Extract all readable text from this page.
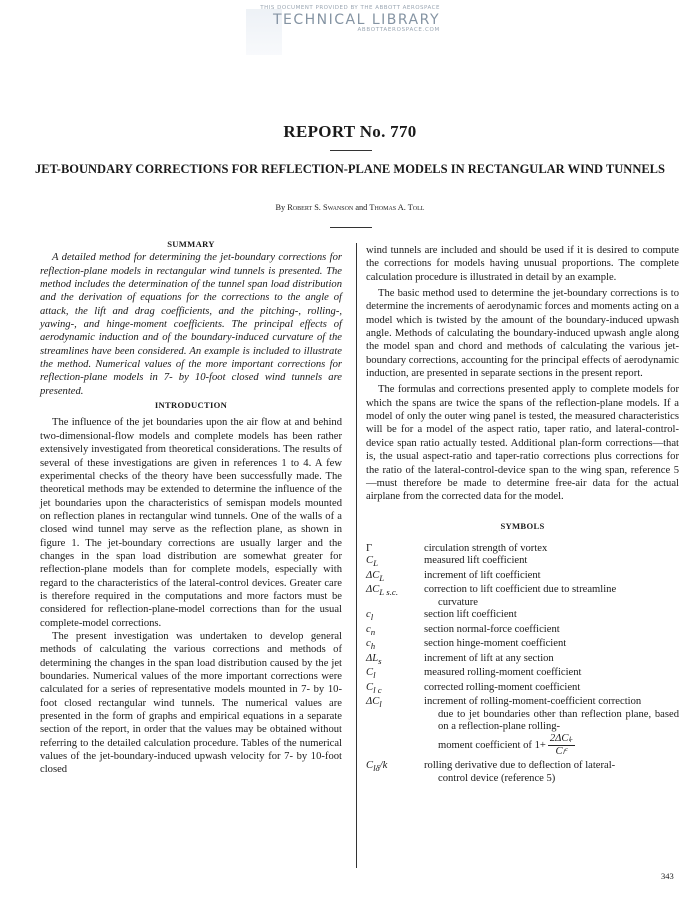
THIS DOCUMENT PROVIDED BY THE ABBOTT AEROSPACE
TECHNICAL LIBRARY
ABBOTTAEROSPACE.COM
REPORT No. 770
JET-BOUNDARY CORRECTIONS FOR REFLECTION-PLANE MODELS IN RECTANGULAR WIND TUNNELS
By Robert S. Swanson and Thomas A. Toll
SUMMARY

A detailed method for determining the jet-boundary corrections for reflection-plane models in rectangular wind tunnels is presented. The method includes the determination of the tunnel span load distribution and the derivation of equations for the corrections to the angle of attack, the lift and drag coefficients, and the pitching-, rolling-, yawing-, and hinge-moment coefficients. The principal effects of aerodynamic induction and of the boundary-induced curvature of the streamlines have been considered. An example is included to illustrate the method. Numerical values of the more important corrections for reflection-plane models in 7- by 10-foot closed wind tunnels are presented.

INTRODUCTION

The influence of the jet boundaries upon the air flow at and behind two-dimensional-flow models and complete models has been rather extensively investigated from theoretical considerations. The results of several of these investigations are given in references 1 to 4. A few experimental checks of the theory have been successfully made. The theoretical methods may be extended to determine the influence of the jet boundaries upon the characteristics of semispan models mounted on reflection planes in rectangular wind tunnels. One of the walls of a closed wind tunnel may serve as the reflection plane, as shown in figure 1. The jet-boundary corrections are usually larger and the changes in the span load distribution are somewhat greater for reflection-plane models than for complete models, especially with regard to the characteristics of the lateral-control devices. Greater care is therefore required in the computations and more factors must be considered for reflection-plane-model corrections than for the usual complete-model corrections.

The present investigation was undertaken to develop general methods of calculating the various corrections and methods of determining the changes in the span load distribution caused by the jet boundaries. Numerical values of the more important corrections were calculated for a series of representative models mounted in 7- by 10-foot closed rectangular wind tunnels. The numerical values are presented in the form of graphs and empirical equations in a separate section of the report, in order that the values may be obtained without referring to the detailed calculation procedure. Tables of the numerical values of the jet-boundary-induced upwash velocity for 7- by 10-foot closed

wind tunnels are included and should be used if it is desired to compute the corrections for models having unusual proportions. The complete calculation procedure is illustrated in detail by an example.

The basic method used to determine the jet-boundary corrections is to determine the increments of aerodynamic forces and moments acting on a model which is twisted by the amount of the boundary-induced upwash angle. Methods of calculating the boundary-induced upwash angle along the model span and chord and methods of calculating the various jet-boundary corrections, accounting for the principal effects of aerodynamic induction, are presented in separate sections in the present report.

The formulas and corrections presented apply to complete models for which the spans are twice the spans of the reflection-plane models. If a model of only the outer wing panel is tested, the measured characteristics will be for a model of the aspect ratio, taper ratio, and lateral-control-device span ratio actually tested. Additional plan-form corrections—that is, the usual aspect-ratio and taper-ratio corrections plus corrections for the ratio of the lateral-control-device span to the wing span, reference 5—must therefore be made to determine free-air data for the actual airplane from the corrected data for the model.

SYMBOLS
Γ	circulation strength of vortex
$C_L$	measured lift coefficient
$\Delta C_L$	increment of lift coefficient
$\Delta C_{L s.c.}$	correction to lift coefficient due to streamline
curvature
$c_l$	section lift coefficient
$c_n$	section normal-force coefficient
$c_h$	section hinge-moment coefficient
$\Delta L_s$	increment of lift at any section
$C_l$	measured rolling-moment coefficient
$C_{l c}$	corrected rolling-moment coefficient
$\Delta C_l$	increment of rolling-moment-coefficient correction
due to jet boundaries other than reflection plane, based on a reflection-plane rolling-
moment coefficient of $1+ \frac{\text{2ΔCₗᵣ}}{\text{Cₗᶜ}}$
$C_{l\delta}/k$	rolling derivative due to deflection of lateral-
control device (reference 5)
343
